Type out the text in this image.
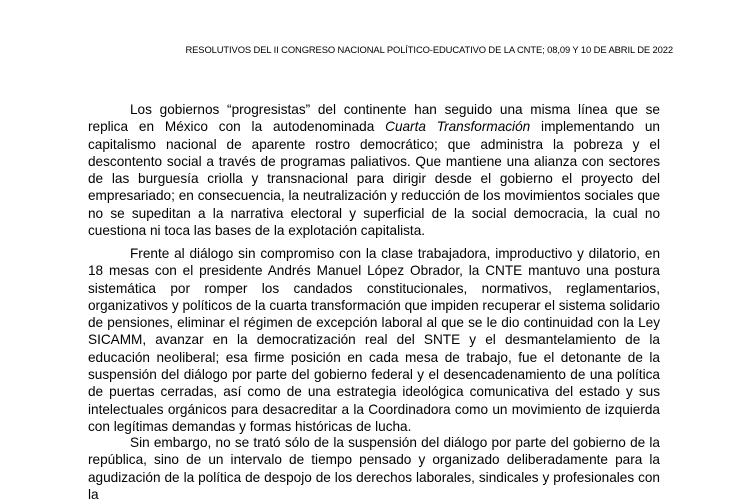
RESOLUTIVOS DEL II CONGRESO NACIONAL POLÍTICO-EDUCATIVO DE LA CNTE; 08,09 Y 10 DE ABRIL DE 2022

Los gobiernos “progresistas” del continente han seguido una misma línea que se replica en México con la autodenominada Cuarta Transformación implementando un capitalismo nacional de aparente rostro democrático; que administra la pobreza y el descontento social a través de programas paliativos. Que mantiene una alianza con sectores de las burguesía criolla y transnacional para dirigir desde el gobierno el proyecto del empresariado; en consecuencia, la neutralización y reducción de los movimientos sociales que no se supeditan a la narrativa electoral y superficial de la social democracia, la cual no cuestiona ni toca las bases de la explotación capitalista.

Frente al diálogo sin compromiso con la clase trabajadora, improductivo y dilatorio, en 18 mesas con el presidente Andrés Manuel López Obrador, la CNTE mantuvo una postura sistemática por romper los candados constitucionales, normativos, reglamentarios, organizativos y políticos de la cuarta transformación que impiden recuperar el sistema solidario de pensiones, eliminar el régimen de excepción laboral al que se le dio continuidad con la Ley SICAMM, avanzar en la democratización real del SNTE y el desmantelamiento de la educación neoliberal; esa firme posición en cada mesa de trabajo, fue el detonante de la suspensión del diálogo por parte del gobierno federal y el desencadenamiento de una política de puertas cerradas, así como de una estrategia ideológica comunicativa del estado y sus intelectuales orgánicos para desacreditar a la Coordinadora como un movimiento de izquierda con legítimas demandas y formas históricas de lucha.

Sin embargo, no se trató sólo de la suspensión del diálogo por parte del gobierno de la república, sino de un intervalo de tiempo pensado y organizado deliberadamente para la agudización de la política de despojo de los derechos laborales, sindicales y profesionales con la
